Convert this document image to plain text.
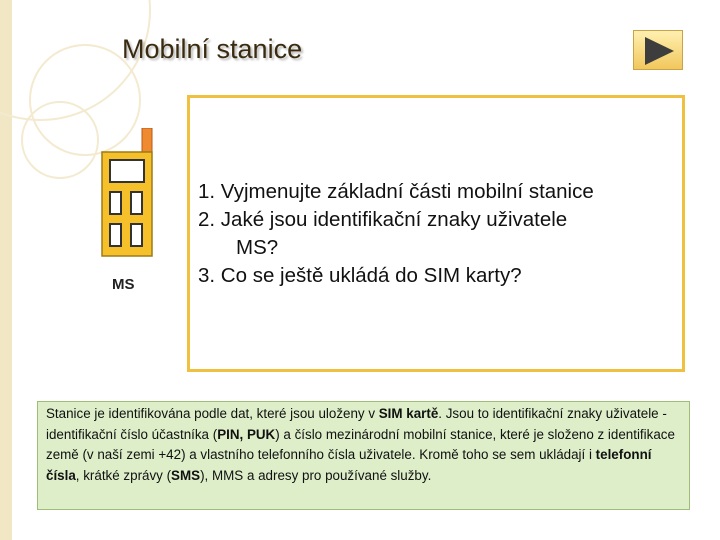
Mobilní stanice
MS
1. Vyjmenujte základní části mobilní stanice
2. Jaké jsou identifikační znaky uživatele
MS?
3. Co se ještě ukládá do SIM karty?
Stanice je identifikována podle dat, které jsou uloženy v SIM kartě. Jsou to identifikační znaky uživatele - identifikační číslo účastníka (PIN, PUK) a číslo mezinárodní mobilní stanice, které je složeno z identifikace země (v naší zemi +42) a vlastního telefonního čísla uživatele. Kromě toho se sem ukládají i telefonní čísla, krátké zprávy (SMS), MMS a adresy pro používané služby.
